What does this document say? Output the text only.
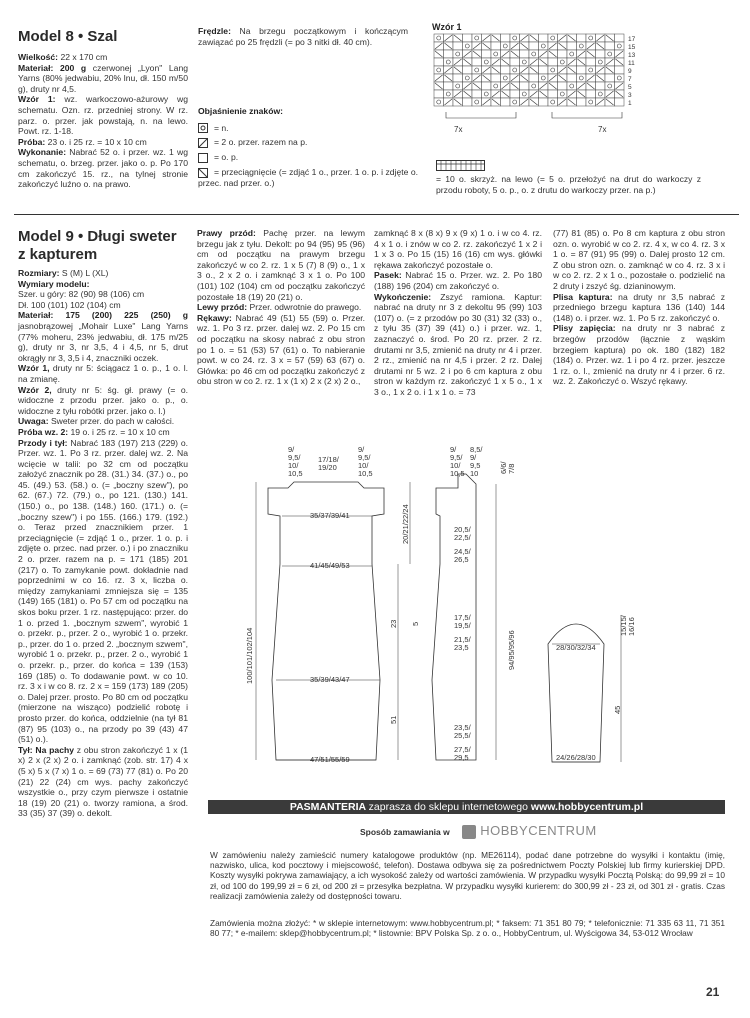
Model 8 • Szal

Wielkość: 22 x 170 cm

Materiał: 200 g czerwonej „Lyon" Lang Yarns (80% jedwabiu, 20% lnu, dł. 150 m/50 g), druty nr 4,5.

Wzór 1: wz. warkoczowo-ażurowy wg schematu. Ozn. rz. przedniej strony. W rz. parz. o. przer. jak powstają, n. na lewo. Powt. rz. 1-18.

Próba: 23 o. i 25 rz. = 10 x 10 cm

Wykonanie: Nabrać 52 o. i przer. wz. 1 wg schematu, o. brzeg. przer. jako o. p. Po 170 cm zakończyć 15. rz., na tylnej stronie zakończyć luźno o. na prawo.

Frędzle: Na brzegu początkowym i kończącym zawiązać po 25 frędzli (= po 3 nitki dł. 40 cm).

Objaśnienie znaków:

= n.

= 2 o. przer. razem na p.

= o. p.

= przeciągnięcie (= zdjąć 1 o., przer. 1 o. p. i zdjęte o. przec. nad przer. o.)

Wzór 1
17
15
13
11
9
7
5
3
1
7x	7x
= 10 o. skrzyż. na lewo (= 5 o. przełożyć na drut do warkoczy z przodu roboty, 5 o. p., o. z drutu do warkoczy przer. na p.)
Model 9 • Długi sweter
z kapturem

Rozmiary: S (M) L (XL)

Wymiary modelu:

Szer. u góry: 82 (90) 98 (106) cm

Dł. 100 (101) 102 (104) cm

Materiał: 175 (200) 225 (250) g jasnobrązowej „Mohair Luxe" Lang Yarns (77% moheru, 23% jedwabiu, dł. 175 m/25 g), druty nr 3, nr 3,5, 4 i 4,5, nr 5, drut okrągły nr 3, 3,5 i 4, znaczniki oczek.

Wzór 1, druty nr 5: ściągacz 1 o. p., 1 o. l. na zmianę.

Wzór 2, druty nr 5: śg. gł. prawy (= o. widoczne z przodu przer. jako o. p., o. widoczne z tyłu robótki przer. jako o. l.)

Uwaga: Sweter przer. do pach w całości.

Próba wz. 2: 19 o. i 25 rz. = 10 x 10 cm

Przody i tył: Nabrać 183 (197) 213 (229) o. Przer. wz. 1. Po 3 rz. przer. dalej wz. 2. Na wcięcie w talii: po 32 cm od początku założyć znacznik po 28. (31.) 34. (37.) o., po 45. (49.) 53. (58.) o. (= „boczny szew"), po 62. (67.) 72. (79.) o., po 121. (130.) 141. (150.) o., po 138. (148.) 160. (171.) o. (= „boczny szew") i po 155. (166.) 179. (192.) o. Teraz przed znacznikiem przer. 1 przeciągnięcie (= zdjąć 1 o., przer. 1 o. p. i zdjęte o. przec. nad przer. o.) i po znaczniku 2 o. przer. razem na p. = 171 (185) 201 (217) o. To zamykanie powt. dokładnie nad poprzednimi w co 16. rz. 3 x, liczba o. między zamykaniami zmniejsza się = 135 (149) 165 (181) o. Po 57 cm od początku na skos boku przer. 1 rz. następująco: przer. do 1 o. przed 1. „bocznym szwem", wyrobić 1 o. przekr. p., przer. 2 o., wyrobić 1 o. przekr. p., przer. do 1 o. przed 2. „bocznym szwem", wyrobić 1 o. przekr. p., przer. 2 o., wyrobić 1 o. przekr. p., przer. do końca = 139 (153) 169 (185) o. To dodawanie powt. w co 10. rz. 3 x i w co 8. rz. 2 x = 159 (173) 189 (205) o. Dalej przer. prosto. Po 80 cm od początku (mierzone na wisząco) podzielić robotę i prosto przer. do końca, oddzielnie (na tył 81 (87) 95 (103) o., na przody po 39 (43) 47 (51) o.).

Tył: Na pachy z obu stron zakończyć 1 x (1 x) 2 x (2 x) 2 o. i zamknąć (zob. str. 17) 4 x (5 x) 5 x (7 x) 1 o. = 69 (73) 77 (81) o. Po 20 (21) 22 (24) cm wys. pachy zakończyć wszystkie o., przy czym pierwsze i ostatnie 18 (19) 20 (21) o. tworzy ramiona, a środ. 33 (35) 37 (39) o. dekolt.

Prawy przód: Pachę przer. na lewym brzegu jak z tyłu. Dekolt: po 94 (95) 95 (96) cm od początku na prawym brzegu zakończyć w co 2. rz. 1 x 5 (7) 8 (9) o., 1 x 3 o., 2 x 2 o. i zamknąć 3 x 1 o. Po 100 (101) 102 (104) cm od początku zakończyć pozostałe 18 (19) 20 (21) o.

Lewy przód: Przer. odwrotnie do prawego.

Rękawy: Nabrać 49 (51) 55 (59) o. Przer. wz. 1. Po 3 rz. przer. dalej wz. 2. Po 15 cm od początku na skosy nabrać z obu stron po 1 o. = 51 (53) 57 (61) o. To nabieranie powt. w co 24. rz. 3 x = 57 (59) 63 (67) o. Główka: po 46 cm od początku zakończyć z obu stron w co 2. rz. 1 x (1 x) 2 x (2 x) 2 o.,

zamknąć 8 x (8 x) 9 x (9 x) 1 o. i w co 4. rz. 4 x 1 o. i znów w co 2. rz. zakończyć 1 x 2 i 1 x 3 o. Po 15 (15) 16 (16) cm wys. główki rękawa zakończyć pozostałe o.

Pasek: Nabrać 15 o. Przer. wz. 2. Po 180 (188) 196 (204) cm zakończyć o.

Wykończenie: Zszyć ramiona. Kaptur: nabrać na druty nr 3 z dekoltu 95 (99) 103 (107) o. (= z przodów po 30 (31) 32 (33) o., z tyłu 35 (37) 39 (41) o.) i przer. wz. 1, zaznaczyć o. środ. Po 20 rz. przer. 2 rz. drutami nr 3,5, zmienić na druty nr 4 i przer. 2 rz., zmienić na nr 4,5 i przer. 2 rz. Dalej drutami nr 5 wz. 2 i po 6 cm kaptura z obu stron w każdym rz. zakończyć 1 x 5 o., 1 x 3 o., 1 x 2 o. i 1 x 1 o. = 73

(77) 81 (85) o. Po 8 cm kaptura z obu stron ozn. o. wyrobić w co 2. rz. 4 x, w co 4. rz. 3 x 1 o. = 87 (91) 95 (99) o. Dalej prosto 12 cm. Z obu stron ozn. o. zamknąć w co 4. rz. 3 x i w co 2. rz. 2 x 1 o., pozostałe o. podzielić na 2 druty i zszyć śg. dzianinowym.

Plisa kaptura: na druty nr 3,5 nabrać z przedniego brzegu kaptura 136 (140) 144 (148) o. i przer. wz. 1. Po 5 rz. zakończyć o.

Plisy zapięcia: na druty nr 3 nabrać z brzegów przodów (łącznie z wąskim brzegiem kaptura) po ok. 180 (182) 182 (184) o. Przer. wz. 1 i po 4 rz. przer. jeszcze 1 rz. o. l., zmienić na druty nr 4 i przer. 6 rz. wz. 2. Zakończyć o. Wszyć rękawy.

9/ 9,5/ 10/ 10,5
17/18/ 19/20
9/ 9,5/ 10/ 10,5
35/37/39/41
41/45/49/53
35/39/43/47
47/51/55/59
100/101/102/104
20/21/22/24
23 5
51
9/ 9,5/ 10/ 10,5
8,5/ 9/ 9,5 10	6/6/7/8
20,5/ 22,5/
24,5/ 26,5
17,5/ 19,5/
21,5/ 23,5
23,5/ 25,5/
27,5/ 29,5
94/95/95/96	28/30/32/34
24/26/28/30
15/15/16/16
45
PASMANTERIA zaprasza do sklepu internetowego www.hobbycentrum.pl
Sposób zamawiania w HOBBYCENTRUM
W zamówieniu należy zamieścić numery katalogowe produktów (np. ME26114), podać dane potrzebne do wysyłki i kontaktu (imię, nazwisko, ulica, kod pocztowy i miejscowość, telefon). Dostawa odbywa się za pośrednictwem Poczty Polskiej lub firmy kurierskiej DPD. Koszty wysyłki pokrywa zamawiający, a ich wysokość zależy od wartości zamówienia. W przypadku wysyłki Pocztą Polską: do 99,99 zł = 10 zł, od 100 do 199,99 zł = 6 zł, od 200 zł = przesyłka bezpłatna. W przypadku wysyłki kurierem: do 300,99 zł - 23 zł, od 301 zł - gratis. Czas realizacji zamówienia zależy od dostępności towaru.
Zamówienia można złożyć: * w sklepie internetowym: www.hobbycentrum.pl; * faksem: 71 351 80 79; * telefonicznie: 71 335 63 11, 71 351 80 77; * e-mailem: sklep@hobbycentrum.pl; * listownie: BPV Polska Sp. z o. o., HobbyCentrum, ul. Wyścigowa 34, 53-012 Wrocław
21
